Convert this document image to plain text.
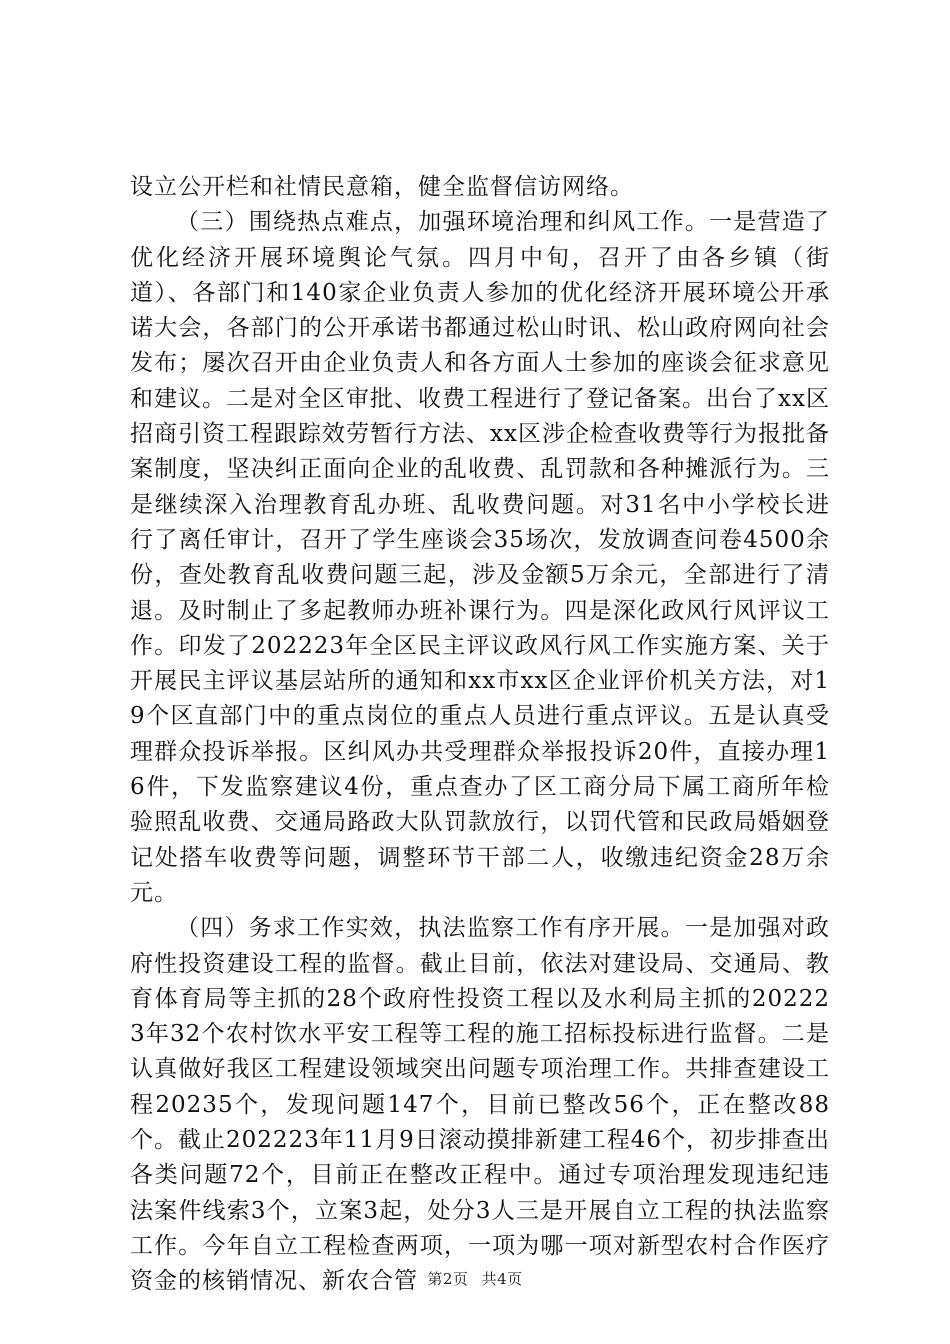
设立公开栏和社情民意箱，健全监督信访网络。

（三）围绕热点难点，加强环境治理和纠风工作。一是营造了优化经济开展环境舆论气氛。四月中旬，召开了由各乡镇（街道）、各部门和140家企业负责人参加的优化经济开展环境公开承诺大会，各部门的公开承诺书都通过松山时讯、松山政府网向社会发布；屡次召开由企业负责人和各方面人士参加的座谈会征求意见和建议。二是对全区审批、收费工程进行了登记备案。出台了xx区招商引资工程跟踪效劳暂行方法、xx区涉企检查收费等行为报批备案制度，坚决纠正面向企业的乱收费、乱罚款和各种摊派行为。三是继续深入治理教育乱办班、乱收费问题。对31名中小学校长进行了离任审计，召开了学生座谈会35场次，发放调查问卷4500余份，查处教育乱收费问题三起，涉及金额5万余元，全部进行了清退。及时制止了多起教师办班补课行为。四是深化政风行风评议工作。印发了202223年全区民主评议政风行风工作实施方案、关于开展民主评议基层站所的通知和xx市xx区企业评价机关方法，对19个区直部门中的重点岗位的重点人员进行重点评议。五是认真受理群众投诉举报。区纠风办共受理群众举报投诉20件，直接办理16件，下发监察建议4份，重点查办了区工商分局下属工商所年检验照乱收费、交通局路政大队罚款放行，以罚代管和民政局婚姻登记处搭车收费等问题，调整环节干部二人，收缴违纪资金28万余元。

（四）务求工作实效，执法监察工作有序开展。一是加强对政府性投资建设工程的监督。截止目前，依法对建设局、交通局、教育体育局等主抓的28个政府性投资工程以及水利局主抓的202223年32个农村饮水平安工程等工程的施工招标投标进行监督。二是认真做好我区工程建设领域突出问题专项治理工作。共排查建设工程20235个，发现问题147个，目前已整改56个，正在整改88个。截止202223年11月9日滚动摸排新建工程46个，初步排查出各类问题72个，目前正在整改正程中。通过专项治理发现违纪违法案件线索3个，立案3起，处分3人三是开展自立工程的执法监察工作。今年自立工程检查两项，一项为哪一项对新型农村合作医疗资金的核销情况、新农合管 第2页 共4页
